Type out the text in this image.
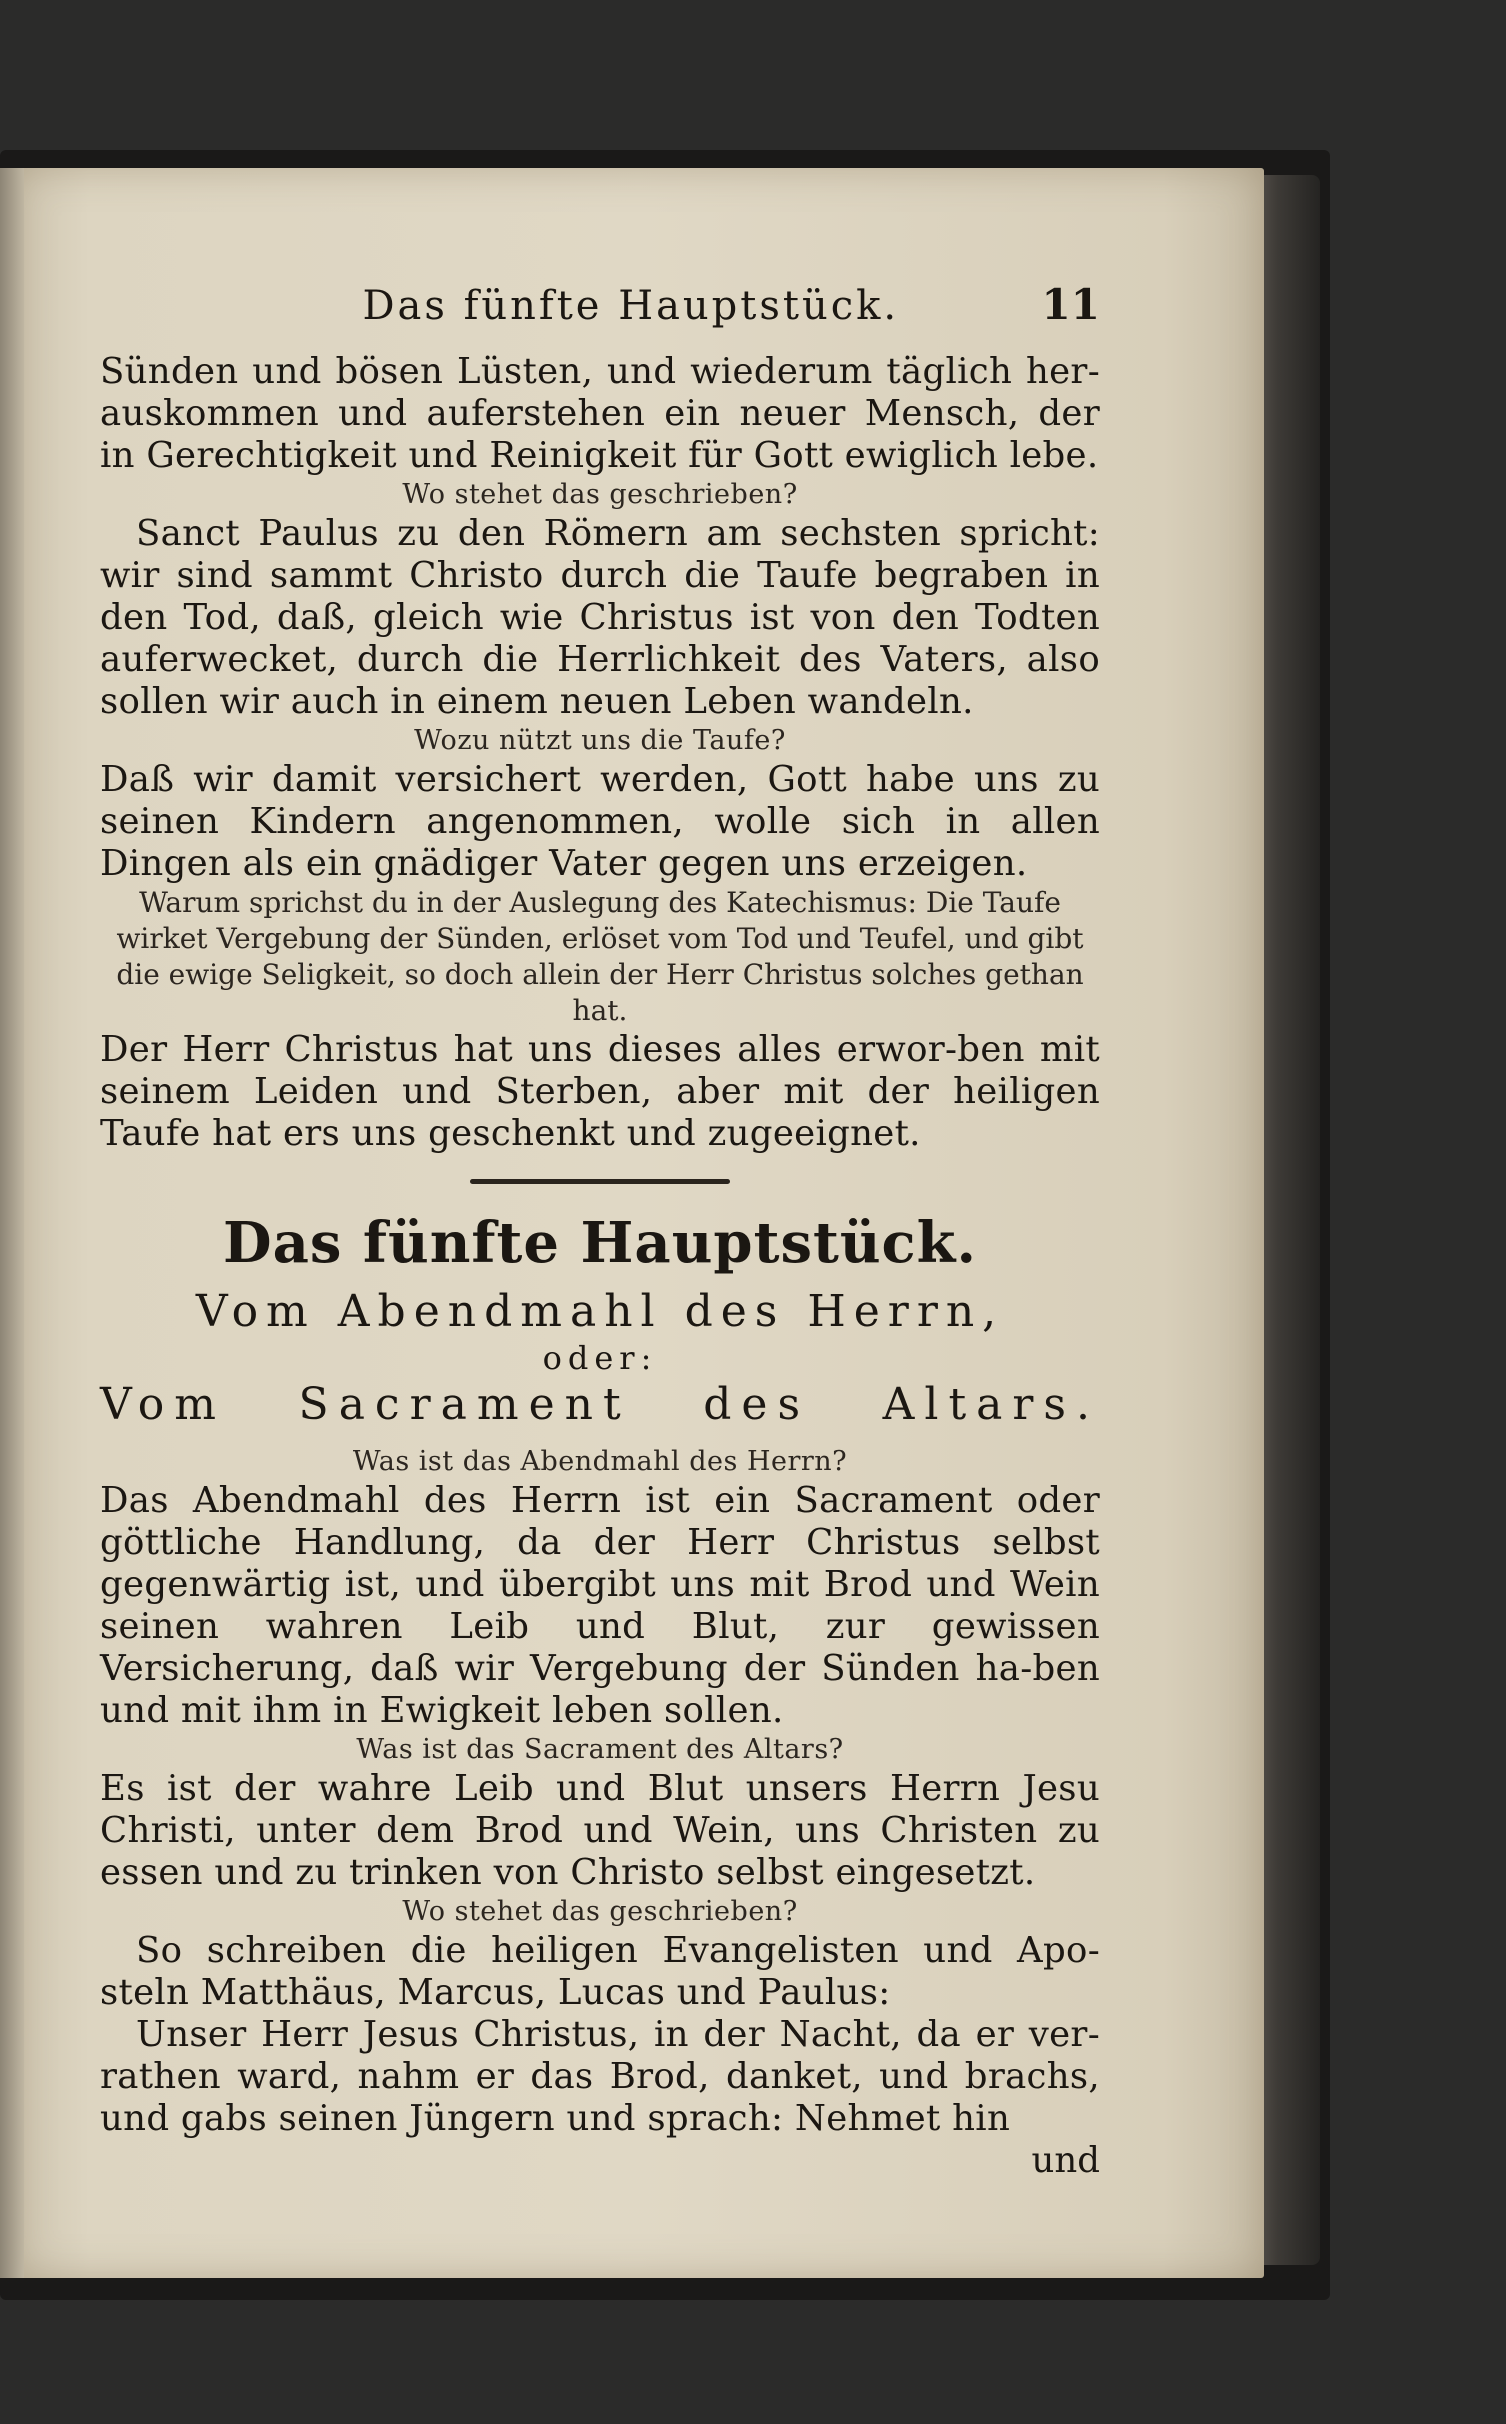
Das fünfte Hauptstück.	11

Sünden und bösen Lüsten, und wiederum täglich her-auskommen und auferstehen ein neuer Mensch, der in Gerechtigkeit und Reinigkeit für Gott ewiglich lebe.

Wo stehet das geschrieben?

Sanct Paulus zu den Römern am sechsten spricht: wir sind sammt Christo durch die Taufe begraben in den Tod, daß, gleich wie Christus ist von den Todten auferwecket, durch die Herrlichkeit des Vaters, also sollen wir auch in einem neuen Leben wandeln.

Wozu nützt uns die Taufe?

Daß wir damit versichert werden, Gott habe uns zu seinen Kindern angenommen, wolle sich in allen Dingen als ein gnädiger Vater gegen uns erzeigen.

Warum sprichst du in der Auslegung des Katechismus: Die Taufe wirket Vergebung der Sünden, erlöset vom Tod und Teufel, und gibt die ewige Seligkeit, so doch allein der Herr Christus solches gethan hat.

Der Herr Christus hat uns dieses alles erwor-ben mit seinem Leiden und Sterben, aber mit der heiligen Taufe hat ers uns geschenkt und zugeeignet.

Das fünfte Hauptstück.

Vom Abendmahl des Herrn,

oder:

Vom Sacrament des Altars.

Was ist das Abendmahl des Herrn?

Das Abendmahl des Herrn ist ein Sacrament oder göttliche Handlung, da der Herr Christus selbst gegenwärtig ist, und übergibt uns mit Brod und Wein seinen wahren Leib und Blut, zur gewissen Versicherung, daß wir Vergebung der Sünden ha-ben und mit ihm in Ewigkeit leben sollen.

Was ist das Sacrament des Altars?

Es ist der wahre Leib und Blut unsers Herrn Jesu Christi, unter dem Brod und Wein, uns Christen zu essen und zu trinken von Christo selbst eingesetzt.

Wo stehet das geschrieben?

So schreiben die heiligen Evangelisten und Apo-steln Matthäus, Marcus, Lucas und Paulus:

Unser Herr Jesus Christus, in der Nacht, da er ver-rathen ward, nahm er das Brod, danket, und brachs, und gabs seinen Jüngern und sprach: Nehmet hin

und
